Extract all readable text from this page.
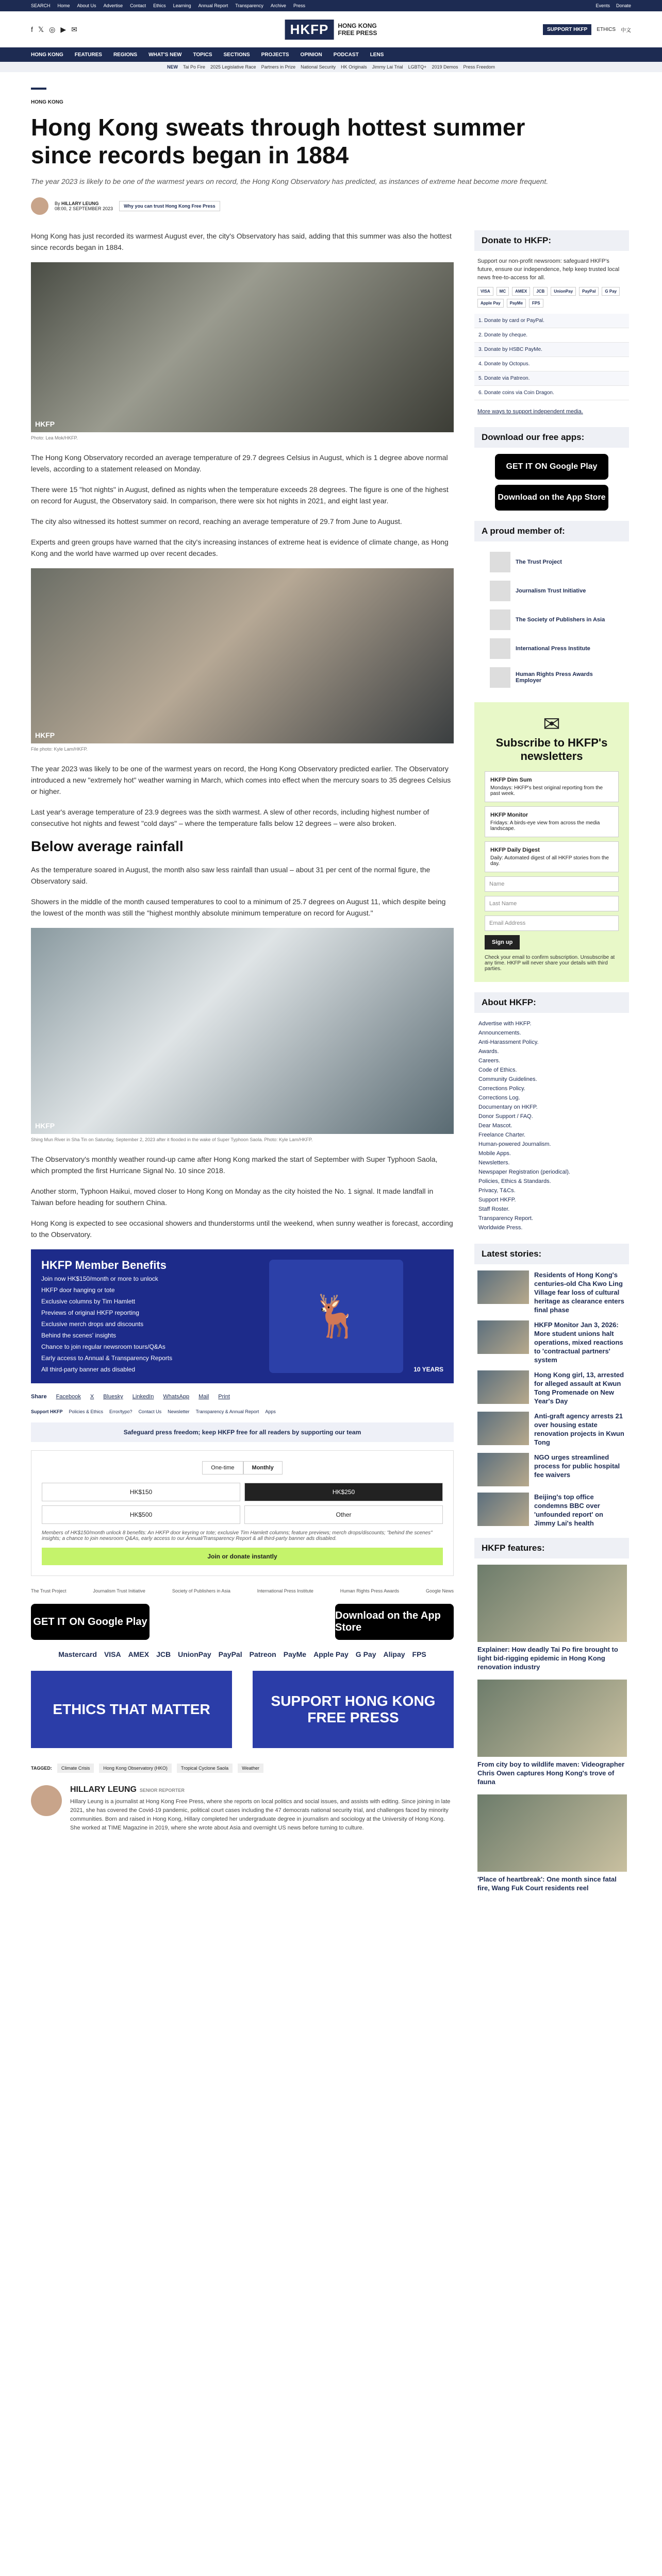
SEARCH Home About Us Advertise Contact Ethics Learning Annual Report Transparency Archive Press	Events Donate
f 𝕏 ◎ ▶ ✉	HKFP	HONG KONG
FREE PRESS	SUPPORT HKFP	ETHICS 中文
HONG KONG FEATURES REGIONS WHAT'S NEW TOPICS SECTIONS PROJECTS OPINION PODCAST LENS
NEW Tai Po Fire 2025 Legislative Race Partners in Prize National Security HK Originals Jimmy Lai Trial LGBTQ+ 2019 Demos Press Freedom
HONG KONG
Hong Kong sweats through hottest summer since records began in 1884

The year 2023 is likely to be one of the warmest years on record, the Hong Kong Observatory has predicted, as instances of extreme heat become more frequent.

By HILLARY LEUNG
08:00, 2 SEPTEMBER 2023	Why you can trust Hong Kong Free Press

Hong Kong has just recorded its warmest August ever, the city's Observatory has said, adding that this summer was also the hottest since records began in 1884.

HKFP
Photo: Lea Mok/HKFP.

The Hong Kong Observatory recorded an average temperature of 29.7 degrees Celsius in August, which is 1 degree above normal levels, according to a statement released on Monday.

There were 15 "hot nights" in August, defined as nights when the temperature exceeds 28 degrees. The figure is one of the highest on record for August, the Observatory said. In comparison, there were six hot nights in 2021, and eight last year.

The city also witnessed its hottest summer on record, reaching an average temperature of 29.7 from June to August.

Experts and green groups have warned that the city's increasing instances of extreme heat is evidence of climate change, as Hong Kong and the world have warmed up over recent decades.

HKFP
File photo: Kyle Lam/HKFP.

The year 2023 was likely to be one of the warmest years on record, the Hong Kong Observatory predicted earlier. The Observatory introduced a new "extremely hot" weather warning in March, which comes into effect when the mercury soars to 35 degrees Celsius or higher.

Last year's average temperature of 23.9 degrees was the sixth warmest. A slew of other records, including highest number of consecutive hot nights and fewest "cold days" – where the temperature falls below 12 degrees – were also broken.

Below average rainfall

As the temperature soared in August, the month also saw less rainfall than usual – about 31 per cent of the normal figure, the Observatory said.

Showers in the middle of the month caused temperatures to cool to a minimum of 25.7 degrees on August 11, which despite being the lowest of the month was still the "highest monthly absolute minimum temperature on record for August."

HKFP
Shing Mun River in Sha Tin on Saturday, September 2, 2023 after it flooded in the wake of Super Typhoon Saola. Photo: Kyle Lam/HKFP.

The Observatory's monthly weather round-up came after Hong Kong marked the start of September with Super Typhoon Saola, which prompted the first Hurricane Signal No. 10 since 2018.

Another storm, Typhoon Haikui, moved closer to Hong Kong on Monday as the city hoisted the No. 1 signal. It made landfall in Taiwan before heading for southern China.

Hong Kong is expected to see occasional showers and thunderstorms until the weekend, when sunny weather is forecast, according to the Observatory.

HKFP Member Benefits
Join now HK$150/month or more to unlock
HKFP door hanging or tote
Exclusive columns by Tim Hamlett
Previews of original HKFP reporting
Exclusive merch drops and discounts
Behind the scenes' insights
Chance to join regular newsroom tours/Q&As
Early access to Annual & Transparency Reports
All third-party banner ads disabled
🦌
10 YEARS
Share Facebook X Bluesky LinkedIn WhatsApp Mail Print
Support HKFP Policies & Ethics Error/typo? Contact Us Newsletter Transparency & Annual Report Apps
Safeguard press freedom; keep HKFP free for all readers by supporting our team
One-time	Monthly
HK$150	HK$250
HK$500	Other
Members of HK$150/month unlock 8 benefits: An HKFP door keyring or tote; exclusive Tim Hamlett columns; feature previews; merch drops/discounts; "behind the scenes" insights; a chance to join newsroom Q&As, early access to our Annual/Transparency Report & all third-party banner ads disabled.
Join or donate instantly
The Trust Project	Journalism Trust Initiative	Society of Publishers in Asia	International Press Institute	Human Rights Press Awards	Google News
GET IT ON Google Play
Download on the App Store
Mastercard VISA AMEX JCB UnionPay PayPal Patreon PayMe Apple Pay G Pay Alipay FPS
ETHICS THAT MATTER
SUPPORT HONG KONG FREE PRESS
TAGGED:	Climate Crisis	Hong Kong Observatory (HKO)	Tropical Cyclone Saola	Weather
HILLARY LEUNG SENIOR REPORTER

Hillary Leung is a journalist at Hong Kong Free Press, where she reports on local politics and social issues, and assists with editing. Since joining in late 2021, she has covered the Covid-19 pandemic, political court cases including the 47 democrats national security trial, and challenges faced by minority communities. Born and raised in Hong Kong, Hillary completed her undergraduate degree in journalism and sociology at the University of Hong Kong. She worked at TIME Magazine in 2019, where she wrote about Asia and overnight US news before turning to culture.

Donate to HKFP:
Support our non-profit newsroom: safeguard HKFP's future, ensure our independence, help keep trusted local news free-to-access for all.
VISA	MC	AMEX	JCB	UnionPay	PayPal	G Pay
Apple Pay	PayMe	FPS
1. Donate by card or PayPal.
2. Donate by cheque.
3. Donate by HSBC PayMe.
4. Donate by Octopus.
5. Donate via Patreon.
6. Donate coins via Coin Dragon.
More ways to support independent media.
Download our free apps:
GET IT ON Google Play
Download on the App Store
A proud member of:
The Trust Project
Journalism Trust Initiative
The Society of Publishers in Asia
International Press Institute
Human Rights Press Awards Employer
✉
Subscribe to HKFP's newsletters
HKFP Dim Sum
Mondays: HKFP's best original reporting from the past week.
HKFP Monitor
Fridays: A birds-eye view from across the media landscape.
HKFP Daily Digest
Daily: Automated digest of all HKFP stories from the day.
Name
Last Name
Email Address
Sign up
Check your email to confirm subscription. Unsubscribe at any time. HKFP will never share your details with third parties.
About HKFP:
Advertise with HKFP.
Announcements.
Anti-Harassment Policy.
Awards.
Careers.
Code of Ethics.
Community Guidelines.
Corrections Policy.
Corrections Log.
Documentary on HKFP.
Donor Support / FAQ.
Dear Mascot.
Freelance Charter.
Human-powered Journalism.
Mobile Apps.
Newsletters.
Newspaper Registration (periodical).
Policies, Ethics & Standards.
Privacy, T&Cs.
Support HKFP.
Staff Roster.
Transparency Report.
Worldwide Press.
Latest stories:
Residents of Hong Kong's centuries-old Cha Kwo Ling Village fear loss of cultural heritage as clearance enters final phase
HKFP Monitor Jan 3, 2026: More student unions halt operations, mixed reactions to 'contractual partners' system
Hong Kong girl, 13, arrested for alleged assault at Kwun Tong Promenade on New Year's Day
Anti-graft agency arrests 21 over housing estate renovation projects in Kwun Tong
NGO urges streamlined process for public hospital fee waivers
Beijing's top office condemns BBC over 'unfounded report' on Jimmy Lai's health
HKFP features:
Explainer: How deadly Tai Po fire brought to light bid-rigging epidemic in Hong Kong renovation industry
From city boy to wildlife maven: Videographer Chris Owen captures Hong Kong's trove of fauna
'Place of heartbreak': One month since fatal fire, Wang Fuk Court residents reel
